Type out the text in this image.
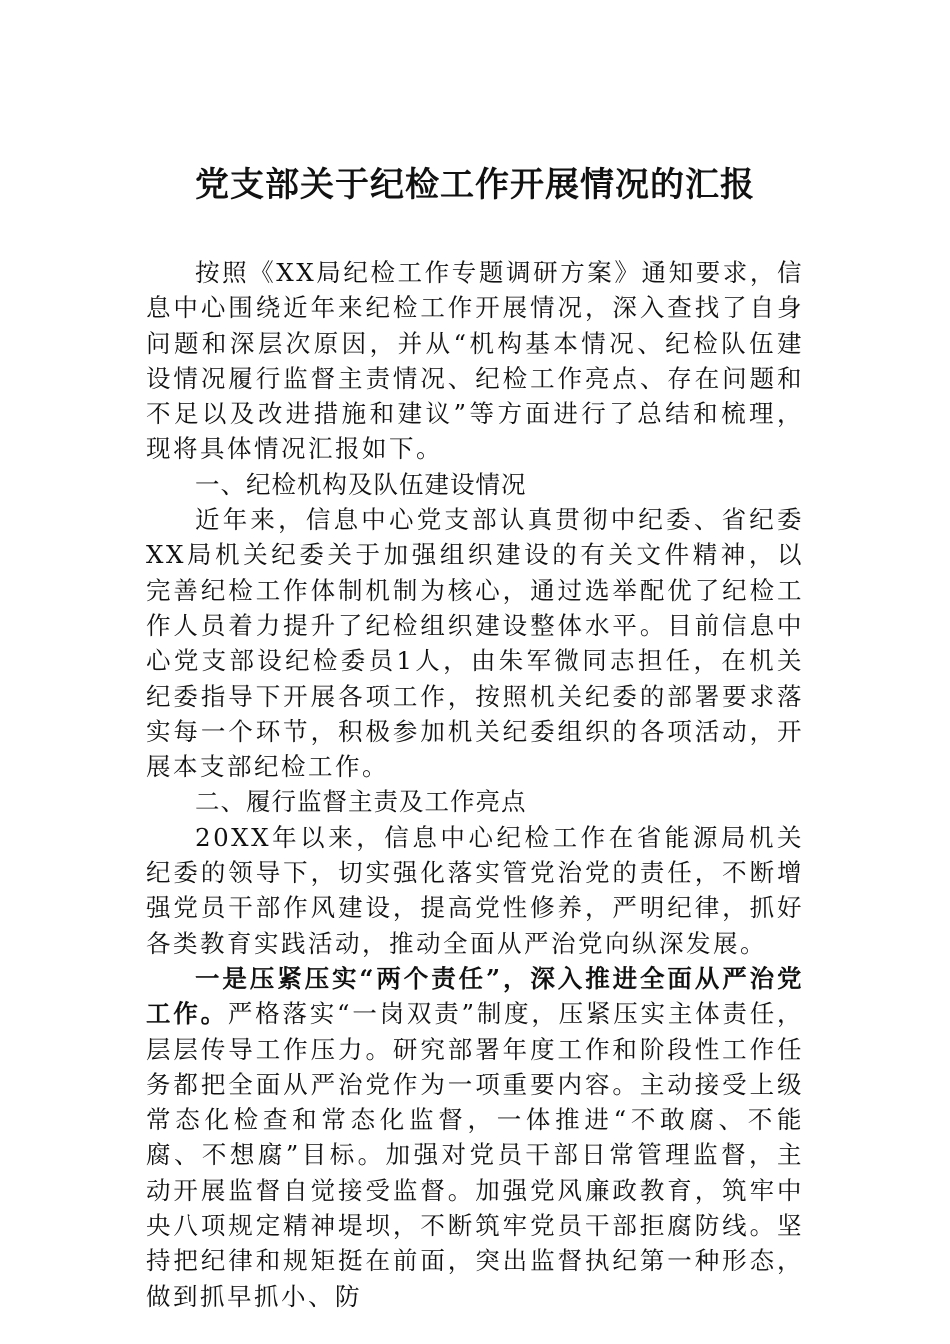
党支部关于纪检工作开展情况的汇报

按照《XX局纪检工作专题调研方案》通知要求，信息中心围绕近年来纪检工作开展情况，深入查找了自身问题和深层次原因，并从“机构基本情况、纪检队伍建设情况履行监督主责情况、纪检工作亮点、存在问题和不足以及改进措施和建议”等方面进行了总结和梳理，现将具体情况汇报如下。

一、纪检机构及队伍建设情况

近年来，信息中心党支部认真贯彻中纪委、省纪委XX局机关纪委关于加强组织建设的有关文件精神，以完善纪检工作体制机制为核心，通过选举配优了纪检工作人员着力提升了纪检组织建设整体水平。目前信息中心党支部设纪检委员1人，由朱军微同志担任，在机关纪委指导下开展各项工作，按照机关纪委的部署要求落实每一个环节，积极参加机关纪委组织的各项活动，开展本支部纪检工作。

二、履行监督主责及工作亮点

20XX年以来，信息中心纪检工作在省能源局机关纪委的领导下，切实强化落实管党治党的责任，不断增强党员干部作风建设，提高党性修养，严明纪律，抓好各类教育实践活动，推动全面从严治党向纵深发展。

一是压紧压实“两个责任”，深入推进全面从严治党工作。严格落实“一岗双责”制度，压紧压实主体责任，层层传导工作压力。研究部署年度工作和阶段性工作任务都把全面从严治党作为一项重要内容。主动接受上级常态化检查和常态化监督，一体推进“不敢腐、不能腐、不想腐”目标。加强对党员干部日常管理监督，主动开展监督自觉接受监督。加强党风廉政教育，筑牢中央八项规定精神堤坝，不断筑牢党员干部拒腐防线。坚持把纪律和规矩挺在前面，突出监督执纪第一种形态，做到抓早抓小、防
